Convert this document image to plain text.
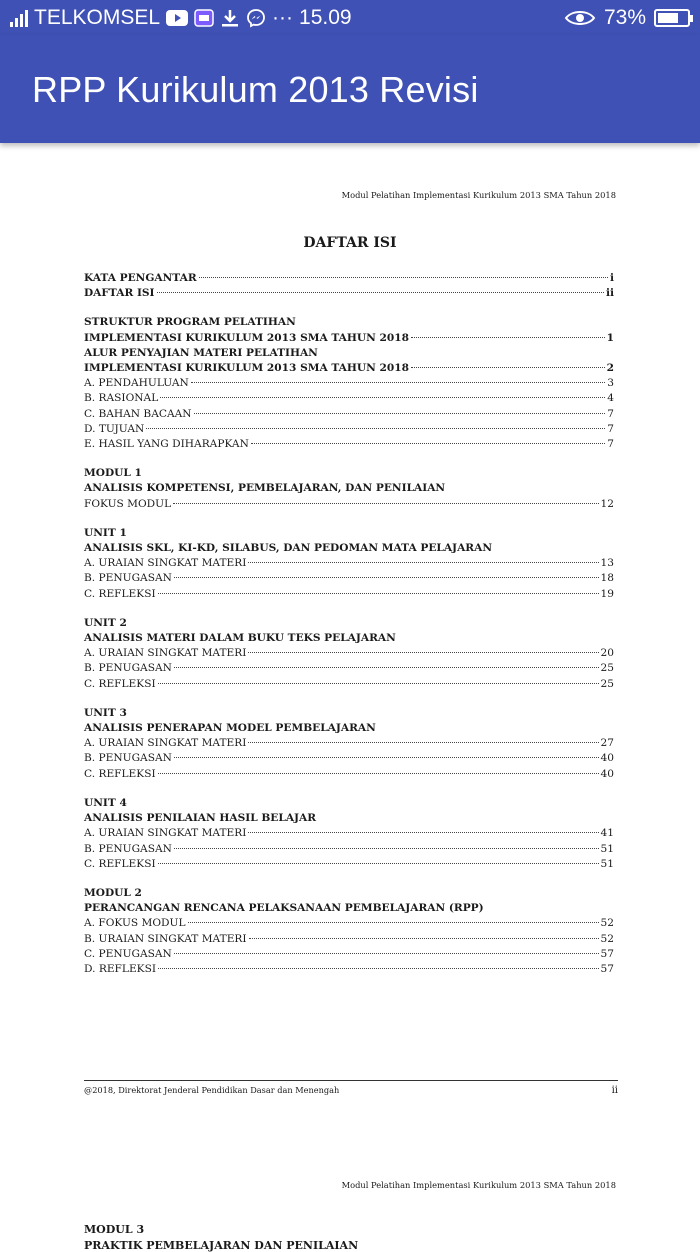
TELKOMSEL	··· 15.09	73%
RPP Kurikulum 2013 Revisi
Modul Pelatihan Implementasi Kurikulum 2013 SMA Tahun 2018
DAFTAR ISI
KATA PENGANTAR	i
DAFTAR ISI	ii
STRUKTUR PROGRAM PELATIHAN
IMPLEMENTASI KURIKULUM 2013 SMA TAHUN 2018	1
ALUR PENYAJIAN MATERI PELATIHAN
IMPLEMENTASI KURIKULUM 2013 SMA TAHUN 2018	2
A. PENDAHULUAN	3
B. RASIONAL	4
C. BAHAN BACAAN	7
D. TUJUAN	7
E. HASIL YANG DIHARAPKAN	7
MODUL 1
ANALISIS KOMPETENSI, PEMBELAJARAN, DAN PENILAIAN
FOKUS MODUL	12
UNIT 1
ANALISIS SKL, KI-KD, SILABUS, DAN PEDOMAN MATA PELAJARAN
A. URAIAN SINGKAT MATERI	13
B. PENUGASAN	18
C. REFLEKSI	19
UNIT 2
ANALISIS MATERI DALAM BUKU TEKS PELAJARAN
A. URAIAN SINGKAT MATERI	20
B. PENUGASAN	25
C. REFLEKSI	25
UNIT 3
ANALISIS PENERAPAN MODEL PEMBELAJARAN
A. URAIAN SINGKAT MATERI	27
B. PENUGASAN	40
C. REFLEKSI	40
UNIT 4
ANALISIS PENILAIAN HASIL BELAJAR
A. URAIAN SINGKAT MATERI	41
B. PENUGASAN	51
C. REFLEKSI	51
MODUL 2
PERANCANGAN RENCANA PELAKSANAAN PEMBELAJARAN (RPP)
A. FOKUS MODUL	52
B. URAIAN SINGKAT MATERI	52
C. PENUGASAN	57
D. REFLEKSI	57
@2018, Direktorat Jenderal Pendidikan Dasar dan Menengah	ii
Modul Pelatihan Implementasi Kurikulum 2013 SMA Tahun 2018
MODUL 3
PRAKTIK PEMBELAJARAN DAN PENILAIAN
